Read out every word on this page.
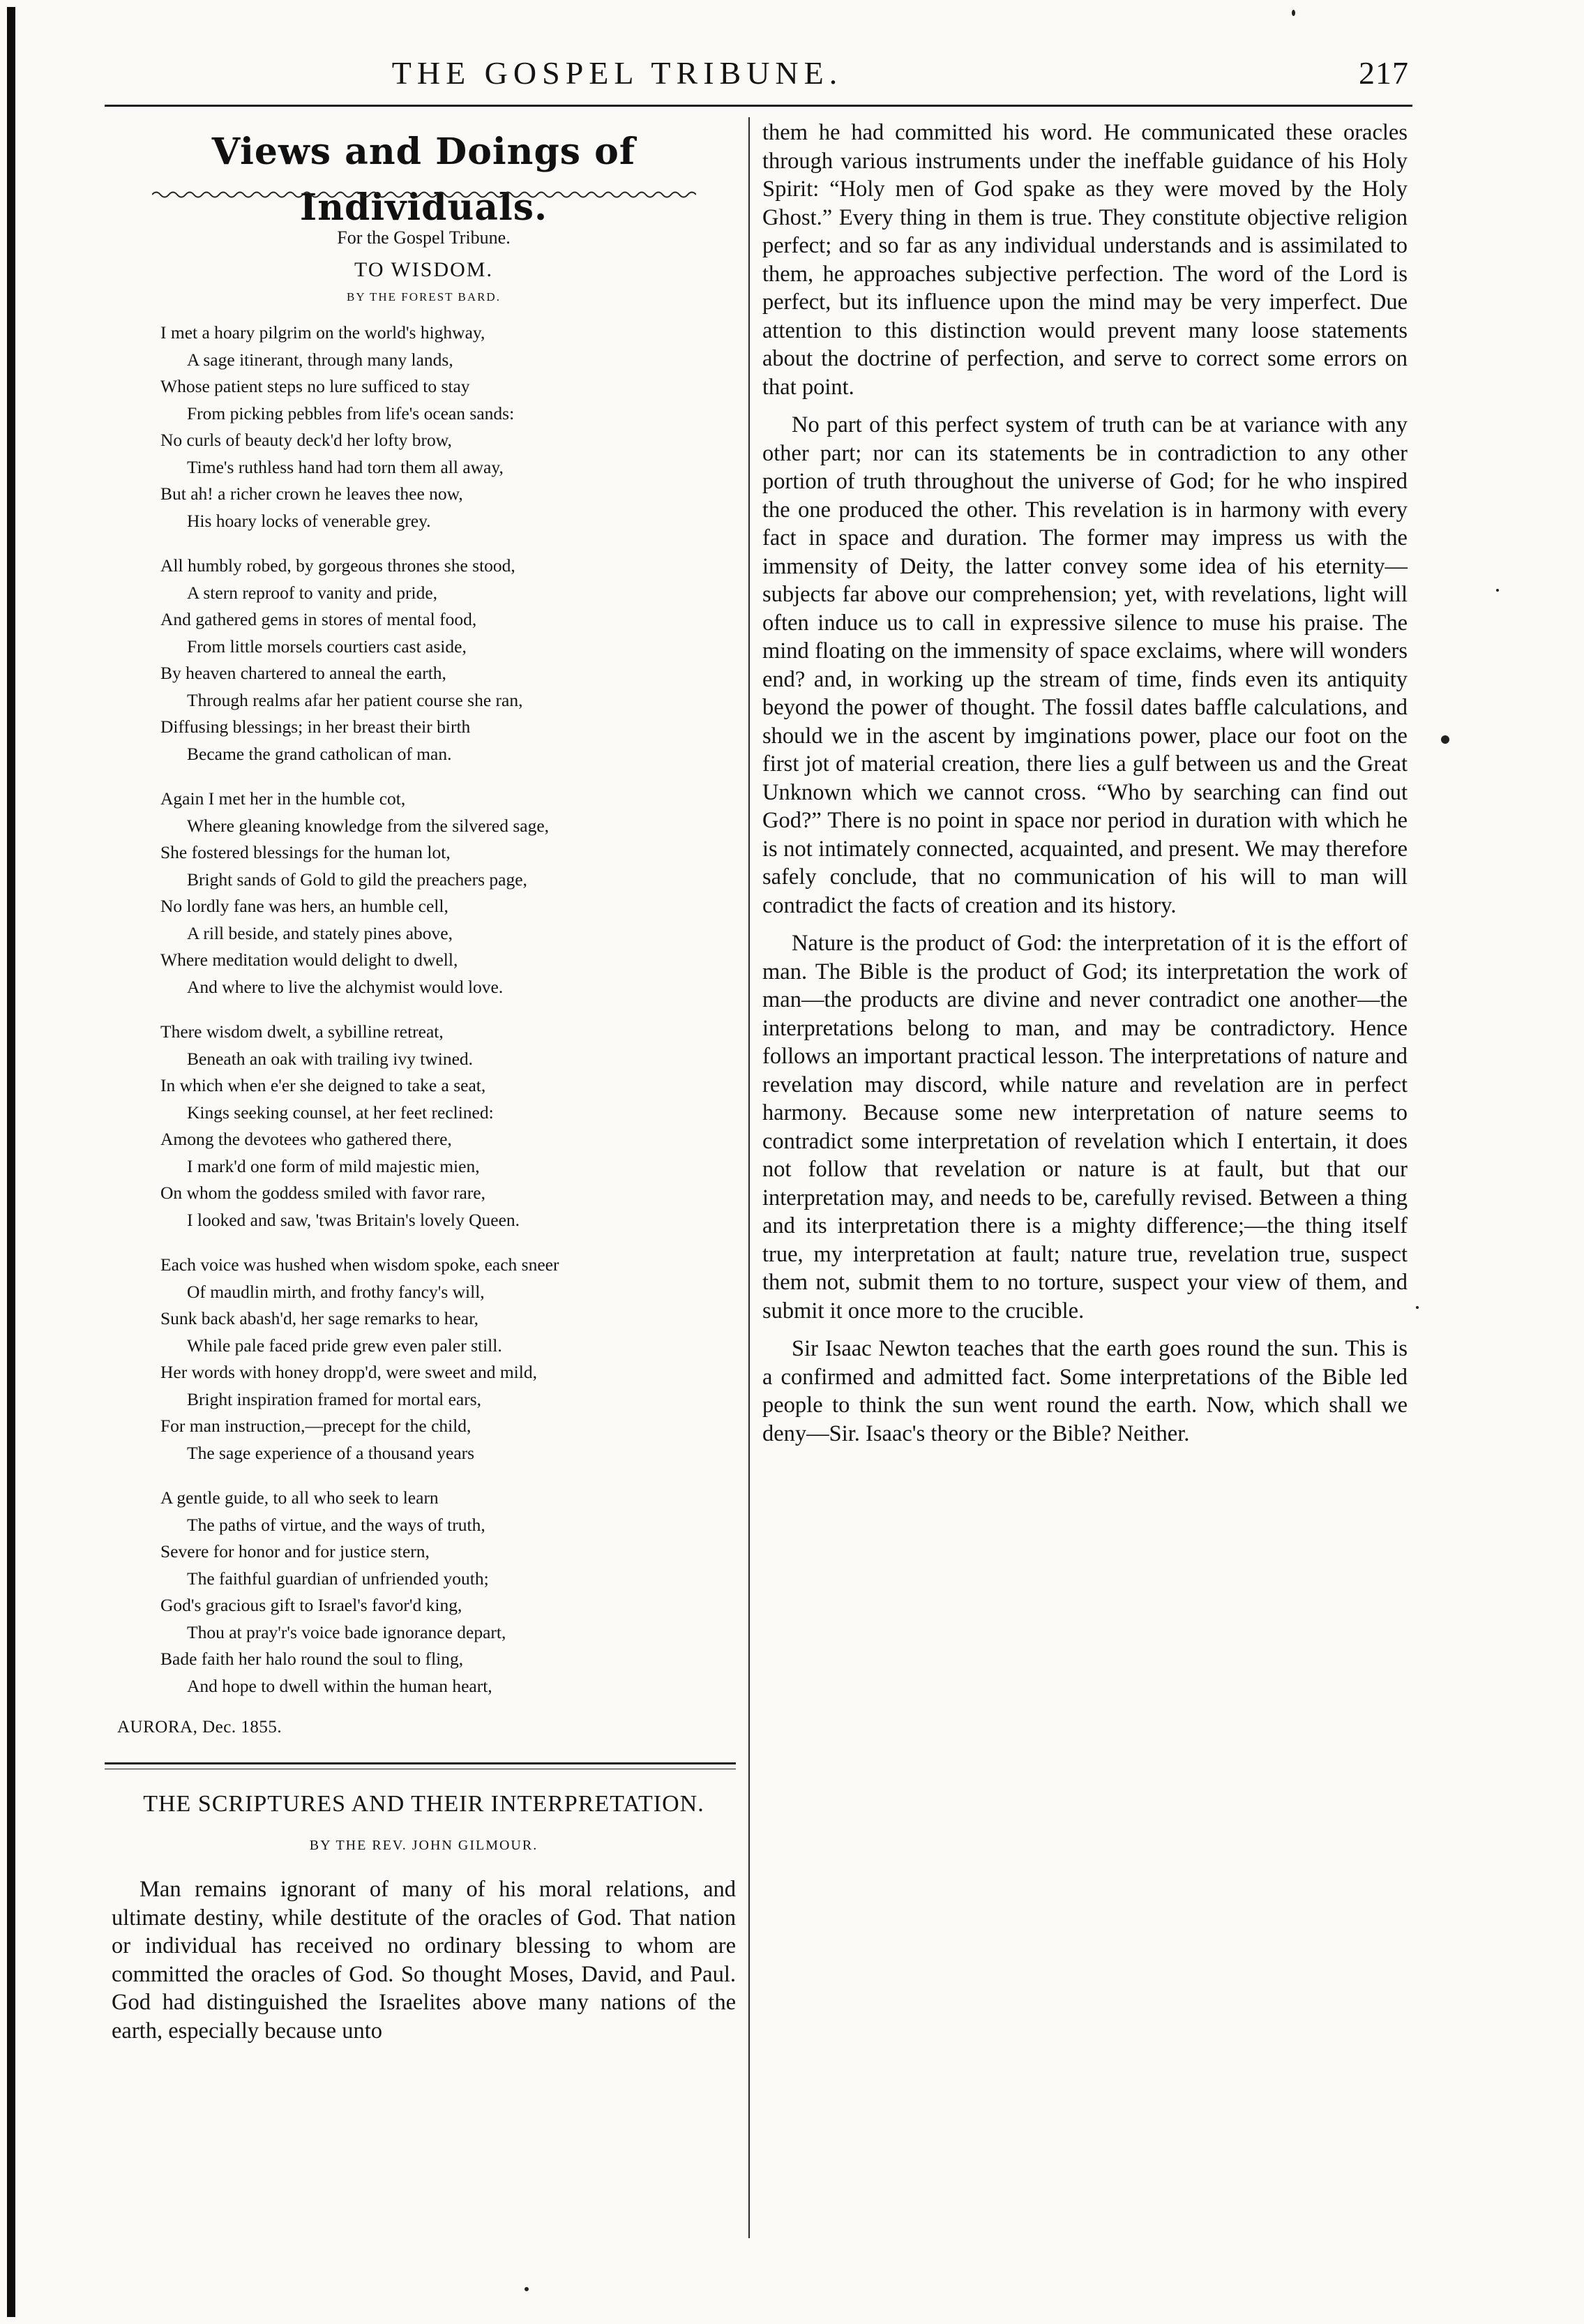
THE GOSPEL TRIBUNE.	217
Views and Doings of Individuals.
For the Gospel Tribune.
TO WISDOM.
BY THE FOREST BARD.
I met a hoary pilgrim on the world's highway,
A sage itinerant, through many lands,
Whose patient steps no lure sufficed to stay
From picking pebbles from life's ocean sands:
No curls of beauty deck'd her lofty brow,
Time's ruthless hand had torn them all away,
But ah! a richer crown he leaves thee now,
His hoary locks of venerable grey.
All humbly robed, by gorgeous thrones she stood,
A stern reproof to vanity and pride,
And gathered gems in stores of mental food,
From little morsels courtiers cast aside,
By heaven chartered to anneal the earth,
Through realms afar her patient course she ran,
Diffusing blessings; in her breast their birth
Became the grand catholican of man.
Again I met her in the humble cot,
Where gleaning knowledge from the silvered sage,
She fostered blessings for the human lot,
Bright sands of Gold to gild the preachers page,
No lordly fane was hers, an humble cell,
A rill beside, and stately pines above,
Where meditation would delight to dwell,
And where to live the alchymist would love.
There wisdom dwelt, a sybilline retreat,
Beneath an oak with trailing ivy twined.
In which when e'er she deigned to take a seat,
Kings seeking counsel, at her feet reclined:
Among the devotees who gathered there,
I mark'd one form of mild majestic mien,
On whom the goddess smiled with favor rare,
I looked and saw, 'twas Britain's lovely Queen.
Each voice was hushed when wisdom spoke, each sneer
Of maudlin mirth, and frothy fancy's will,
Sunk back abash'd, her sage remarks to hear,
While pale faced pride grew even paler still.
Her words with honey dropp'd, were sweet and mild,
Bright inspiration framed for mortal ears,
For man instruction,—precept for the child,
The sage experience of a thousand years
A gentle guide, to all who seek to learn
The paths of virtue, and the ways of truth,
Severe for honor and for justice stern,
The faithful guardian of unfriended youth;
God's gracious gift to Israel's favor'd king,
Thou at pray'r's voice bade ignorance depart,
Bade faith her halo round the soul to fling,
And hope to dwell within the human heart,
AURORA, Dec. 1855.
THE SCRIPTURES AND THEIR INTERPRETATION.
BY THE REV. JOHN GILMOUR.

Man remains ignorant of many of his moral relations, and ultimate destiny, while destitute of the oracles of God. That nation or individual has received no ordinary blessing to whom are committed the oracles of God. So thought Moses, David, and Paul. God had distinguished the Israelites above many nations of the earth, especially because unto

them he had committed his word. He communicated these oracles through various instruments under the ineffable guidance of his Holy Spirit: “Holy men of God spake as they were moved by the Holy Ghost.” Every thing in them is true. They constitute objective religion perfect; and so far as any individual understands and is assimilated to them, he approaches subjective perfection. The word of the Lord is perfect, but its influence upon the mind may be very imperfect. Due attention to this distinction would prevent many loose statements about the doctrine of perfection, and serve to correct some errors on that point.

No part of this perfect system of truth can be at variance with any other part; nor can its statements be in contradiction to any other portion of truth throughout the universe of God; for he who inspired the one produced the other. This revelation is in harmony with every fact in space and duration. The former may impress us with the immensity of Deity, the latter convey some idea of his eternity—subjects far above our comprehension; yet, with revelations, light will often induce us to call in expressive silence to muse his praise. The mind floating on the immensity of space exclaims, where will wonders end? and, in working up the stream of time, finds even its antiquity beyond the power of thought. The fossil dates baffle calculations, and should we in the ascent by imginations power, place our foot on the first jot of material creation, there lies a gulf between us and the Great Unknown which we cannot cross. “Who by searching can find out God?” There is no point in space nor period in duration with which he is not intimately connected, acquainted, and present. We may therefore safely conclude, that no communication of his will to man will contradict the facts of creation and its history.

Nature is the product of God: the interpretation of it is the effort of man. The Bible is the product of God; its interpretation the work of man—the products are divine and never contradict one another—the interpretations belong to man, and may be contradictory. Hence follows an important practical lesson. The interpretations of nature and revelation may discord, while nature and revelation are in perfect harmony. Because some new interpretation of nature seems to contradict some interpretation of revelation which I entertain, it does not follow that revelation or nature is at fault, but that our interpretation may, and needs to be, carefully revised. Between a thing and its interpretation there is a mighty difference;—the thing itself true, my interpretation at fault; nature true, revelation true, suspect them not, submit them to no torture, suspect your view of them, and submit it once more to the crucible.

Sir Isaac Newton teaches that the earth goes round the sun. This is a confirmed and admitted fact. Some interpretations of the Bible led people to think the sun went round the earth. Now, which shall we deny—Sir. Isaac's theory or the Bible? Neither.
